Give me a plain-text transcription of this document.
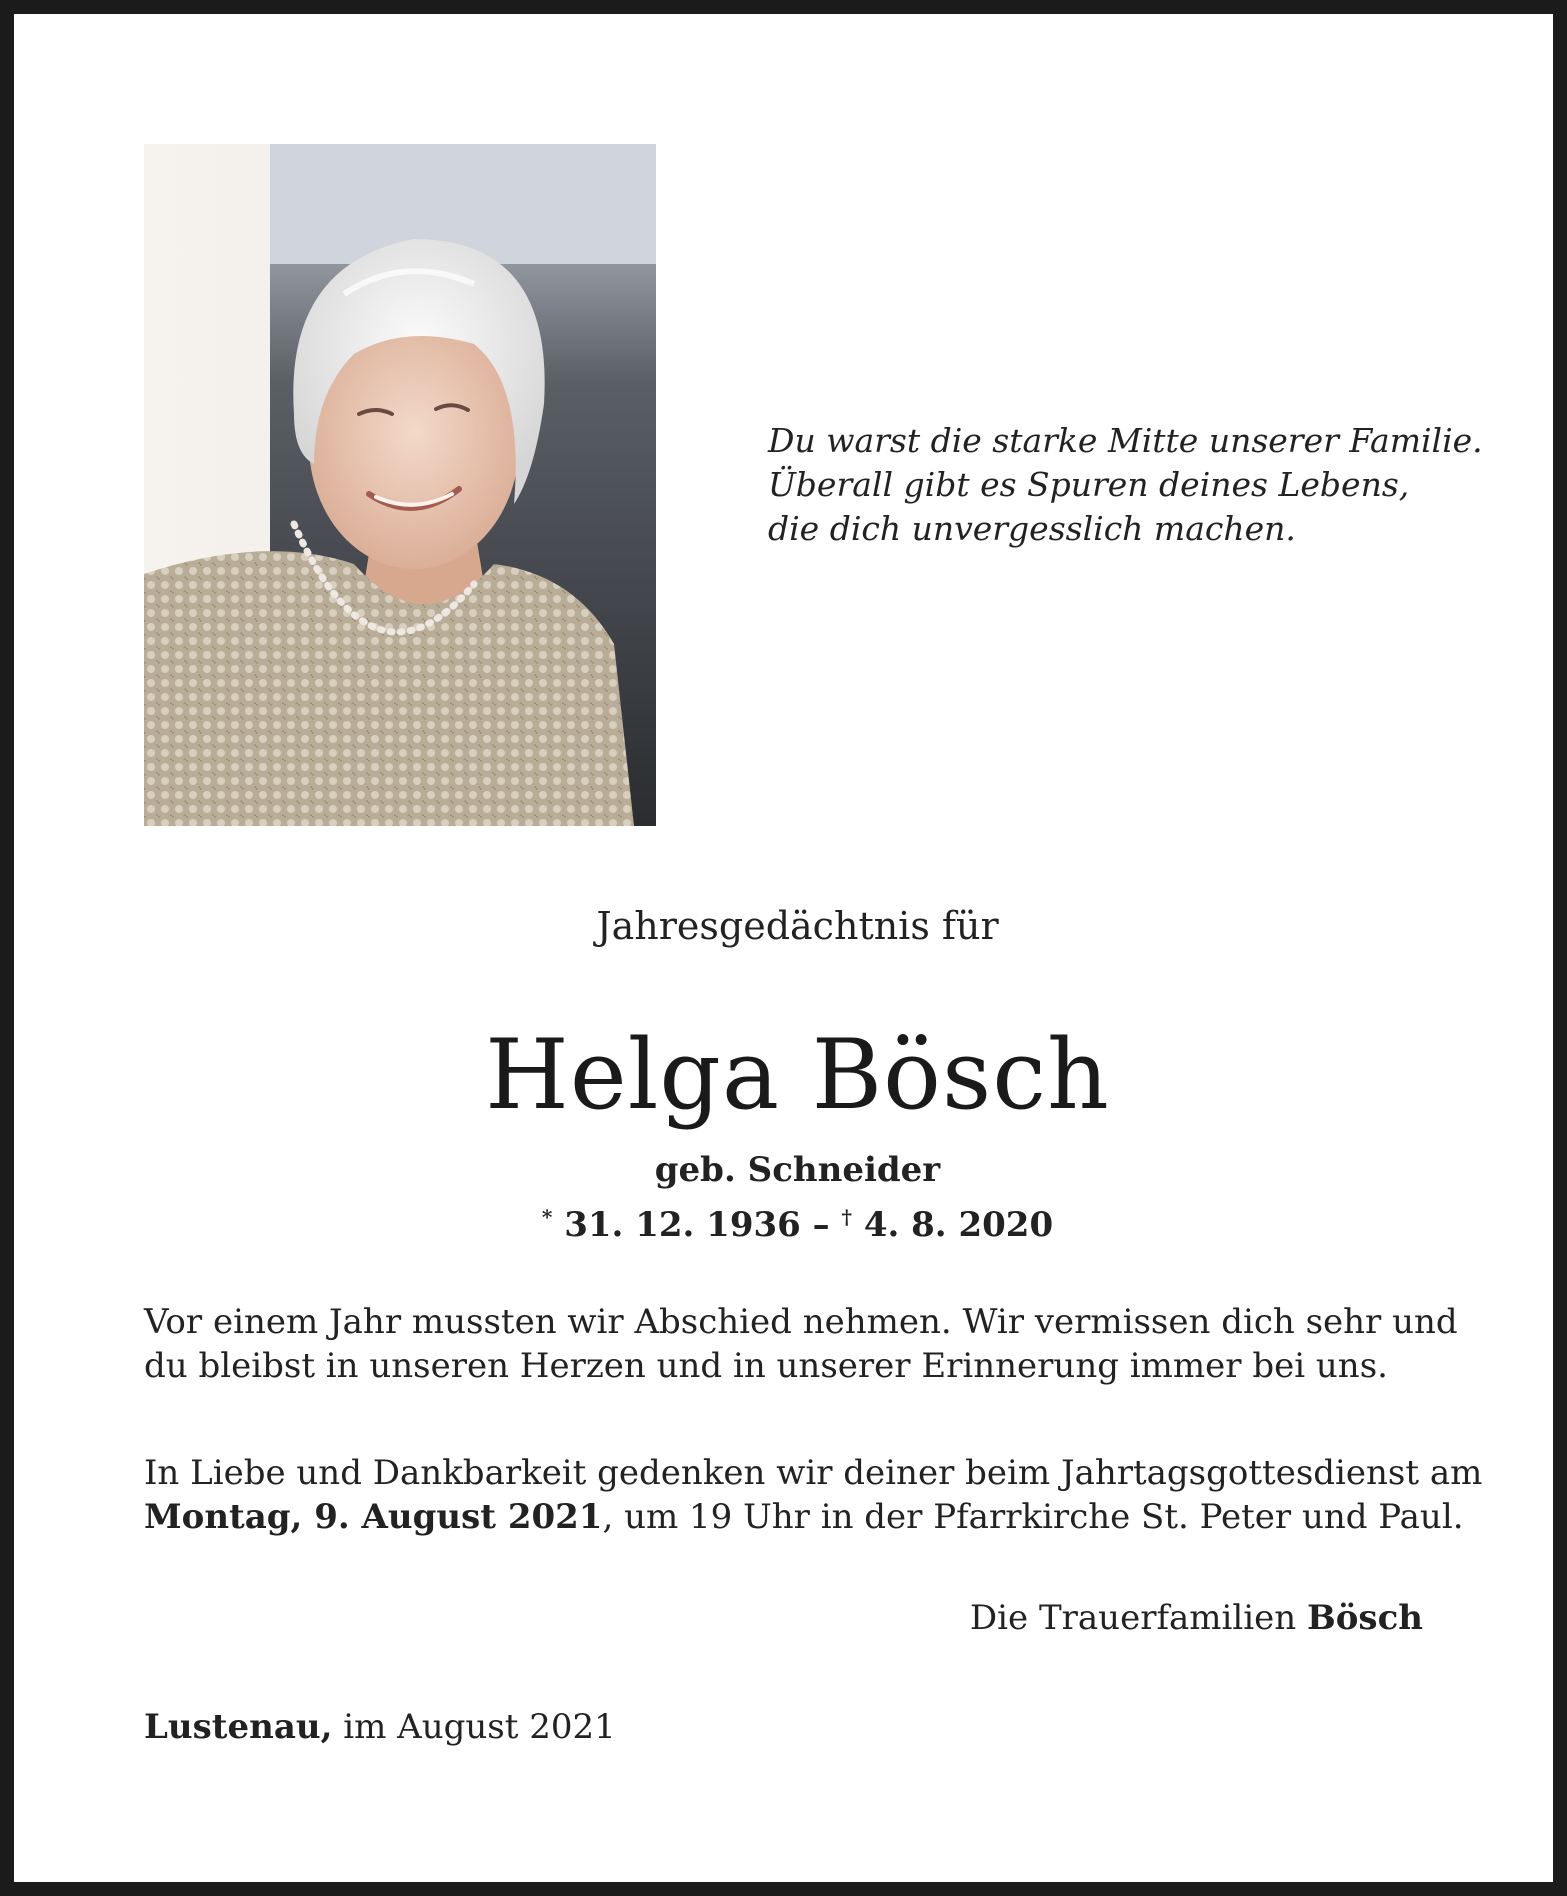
Du warst die starke Mitte unserer Familie.
Überall gibt es Spuren deines Lebens,
die dich unvergesslich machen.
Jahresgedächtnis für
Helga Bösch
geb. Schneider
* 31. 12. 1936 – † 4. 8. 2020
Vor einem Jahr mussten wir Abschied nehmen. Wir vermissen dich sehr und
du bleibst in unseren Herzen und in unserer Erinnerung immer bei uns.
In Liebe und Dankbarkeit gedenken wir deiner beim Jahrtagsgottesdienst am
Montag, 9. August 2021, um 19 Uhr in der Pfarrkirche St. Peter und Paul.
Die Trauerfamilien Bösch
Lustenau, im August 2021
